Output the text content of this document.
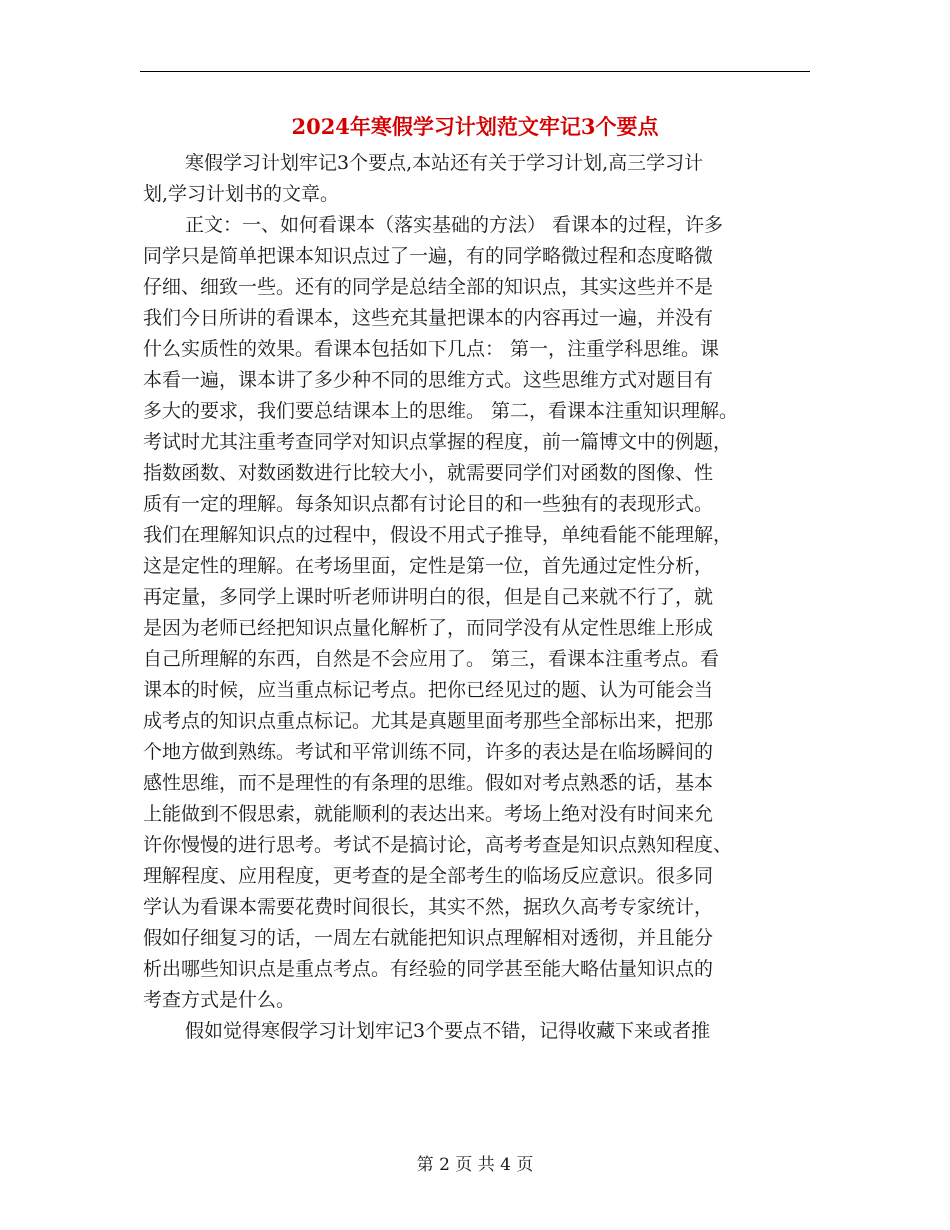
2024年寒假学习计划范文牢记3个要点
寒假学习计划牢记3个要点,本站还有关于学习计划,高三学习计
划,学习计划书的文章。
正文：一、如何看课本（落实基础的方法） 看课本的过程，许多
同学只是简单把课本知识点过了一遍，有的同学略微过程和态度略微
仔细、细致一些。还有的同学是总结全部的知识点，其实这些并不是
我们今日所讲的看课本，这些充其量把课本的内容再过一遍，并没有
什么实质性的效果。看课本包括如下几点： 第一，注重学科思维。课
本看一遍，课本讲了多少种不同的思维方式。这些思维方式对题目有
多大的要求，我们要总结课本上的思维。 第二，看课本注重知识理解。
考试时尤其注重考查同学对知识点掌握的程度，前一篇博文中的例题，
指数函数、对数函数进行比较大小，就需要同学们对函数的图像、性
质有一定的理解。每条知识点都有讨论目的和一些独有的表现形式。
我们在理解知识点的过程中，假设不用式子推导，单纯看能不能理解，
这是定性的理解。在考场里面，定性是第一位，首先通过定性分析，
再定量，多同学上课时听老师讲明白的很，但是自己来就不行了，就
是因为老师已经把知识点量化解析了，而同学没有从定性思维上形成
自己所理解的东西，自然是不会应用了。 第三，看课本注重考点。看
课本的时候，应当重点标记考点。把你已经见过的题、认为可能会当
成考点的知识点重点标记。尤其是真题里面考那些全部标出来，把那
个地方做到熟练。考试和平常训练不同，许多的表达是在临场瞬间的
感性思维，而不是理性的有条理的思维。假如对考点熟悉的话，基本
上能做到不假思索，就能顺利的表达出来。考场上绝对没有时间来允
许你慢慢的进行思考。考试不是搞讨论，高考考查是知识点熟知程度、
理解程度、应用程度，更考查的是全部考生的临场反应意识。很多同
学认为看课本需要花费时间很长，其实不然，据玖久高考专家统计，
假如仔细复习的话，一周左右就能把知识点理解相对透彻，并且能分
析出哪些知识点是重点考点。有经验的同学甚至能大略估量知识点的
考查方式是什么。
假如觉得寒假学习计划牢记3个要点不错，记得收藏下来或者推
第 2 页 共 4 页
